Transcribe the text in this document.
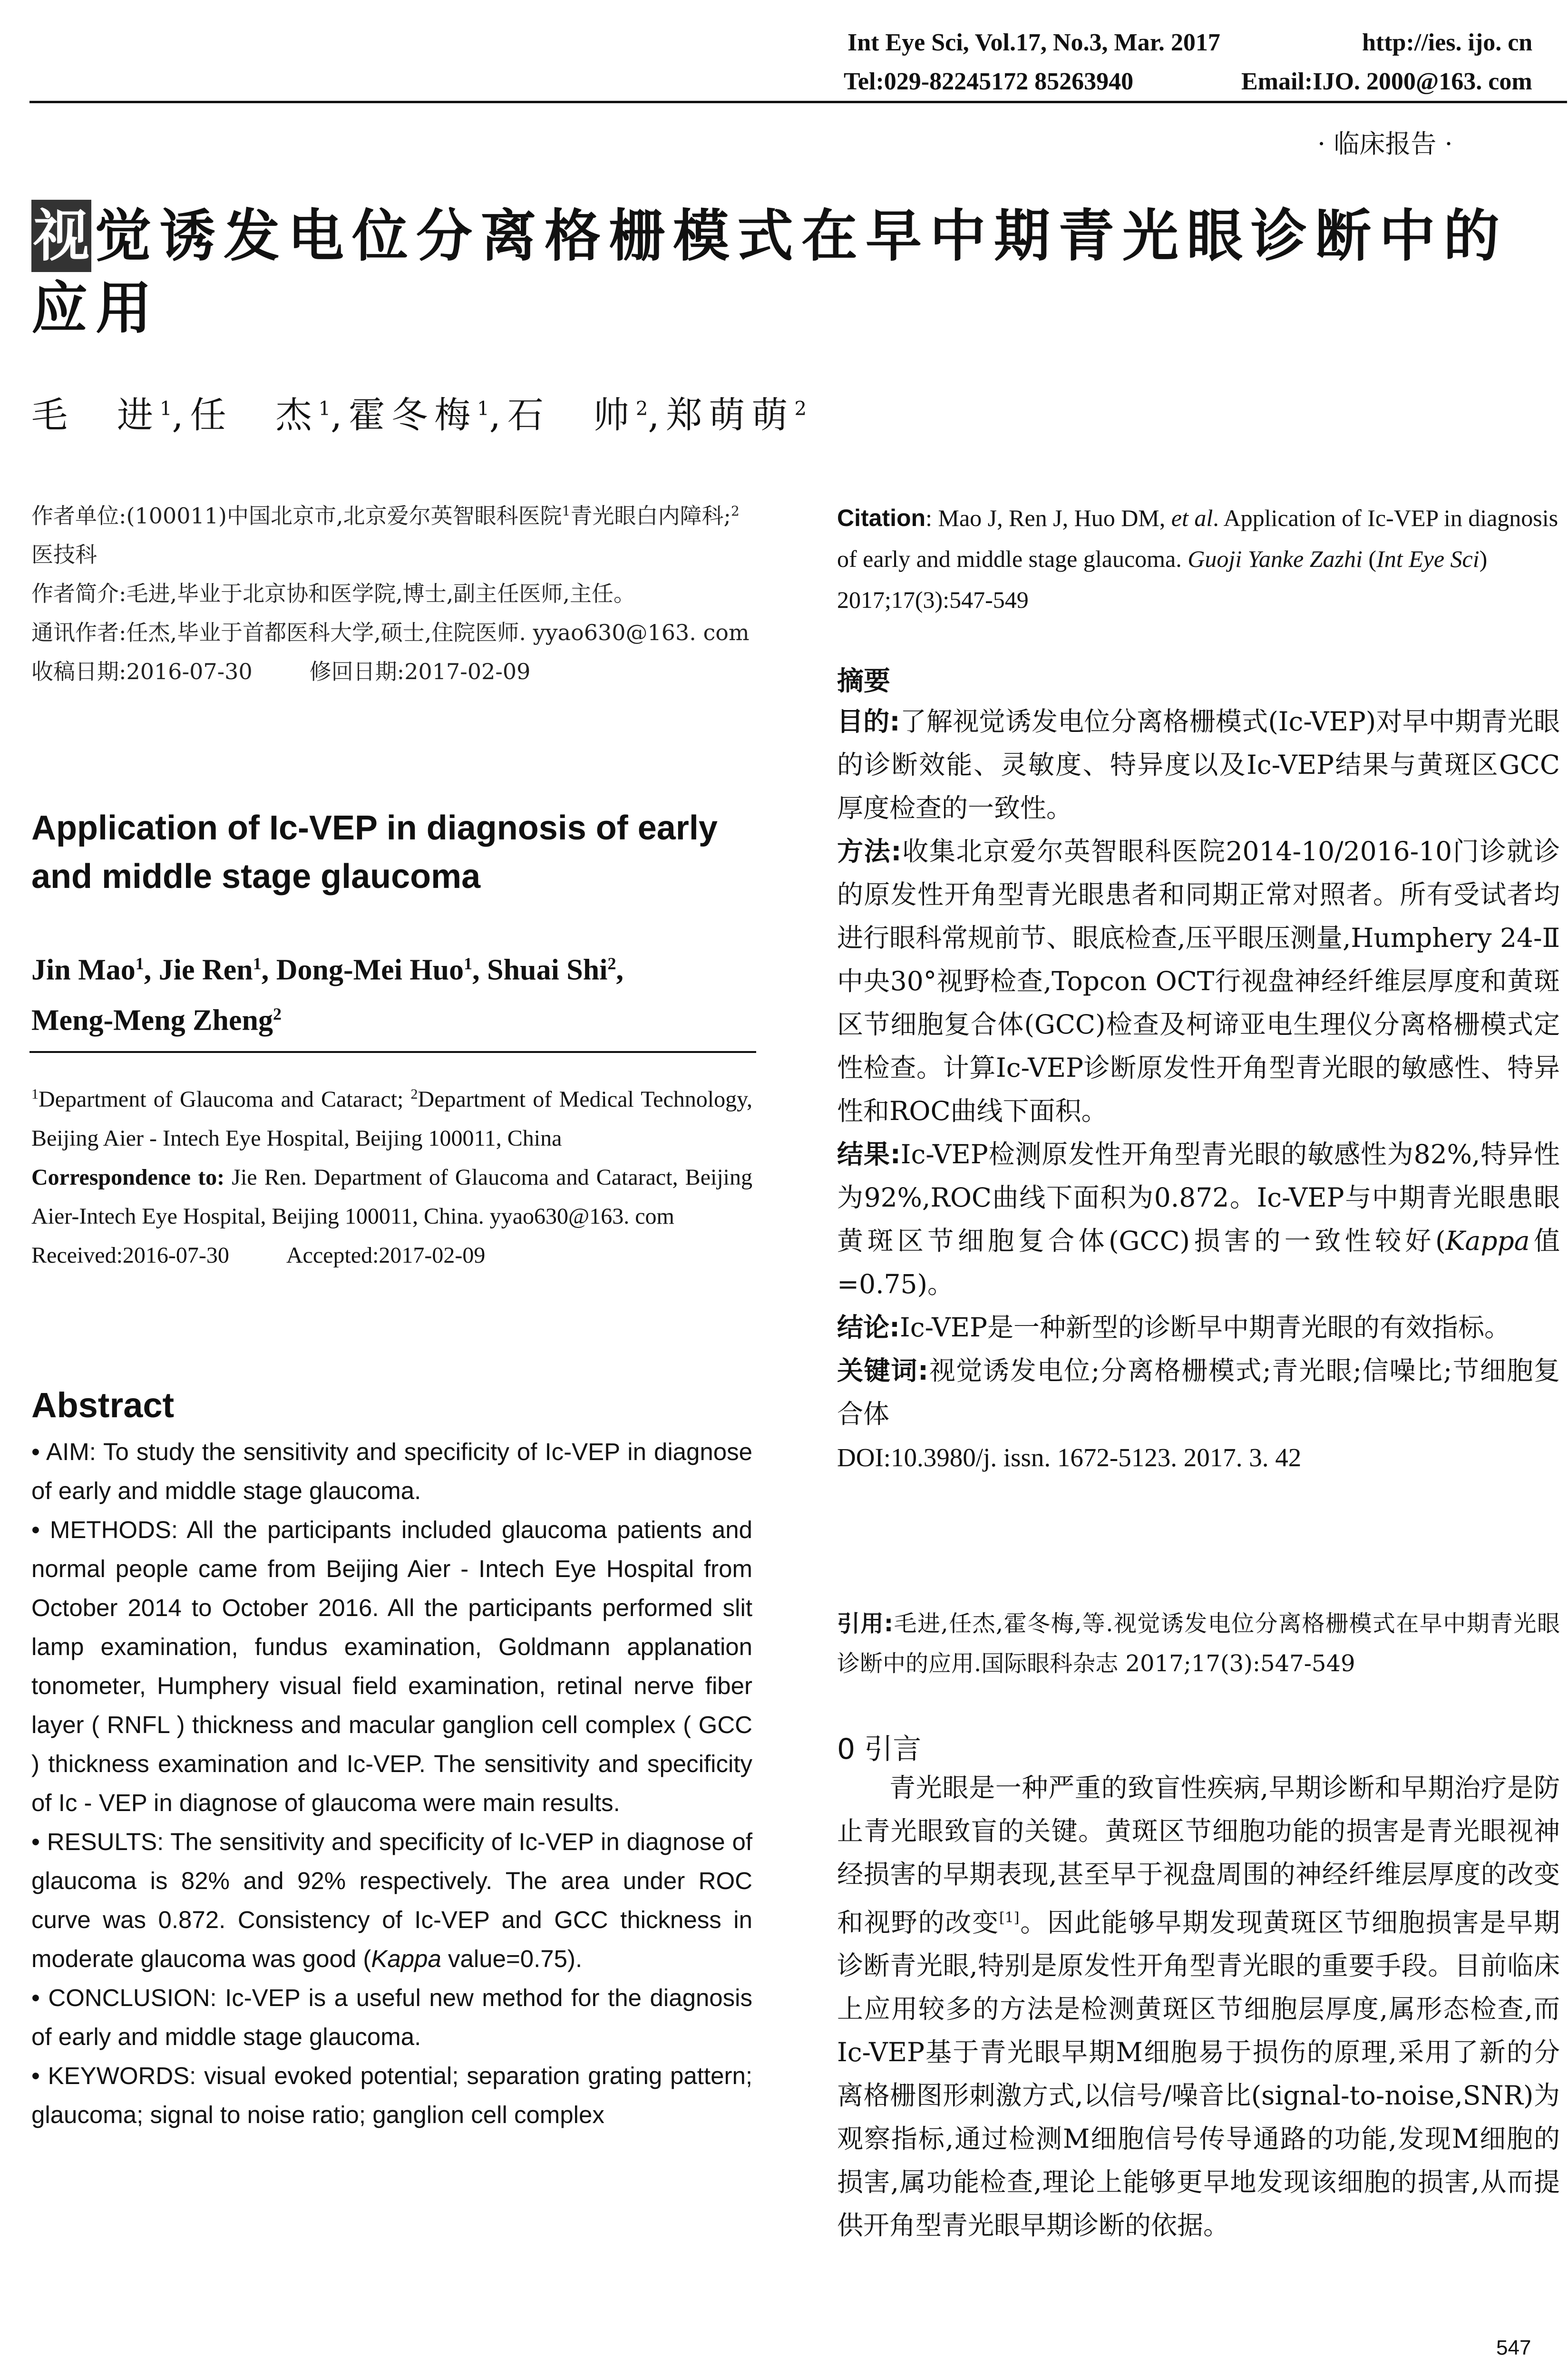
Int Eye Sci, Vol.17, No.3, Mar. 2017	http://ies. ijo. cn
Tel:029-82245172 85263940	Email:IJO. 2000@163. com
· 临床报告 ·
视 觉诱发电位分离格栅模式在早中期青光眼诊断中的应用
毛　进$^1$,任　杰$^1$,霍冬梅$^1$,石　帅$^2$,郑萌萌$^2$
作者单位:(100011)中国北京市,北京爱尔英智眼科医院$^1$青光眼白内障科;$^2$医技科
作者简介:毛进,毕业于北京协和医学院,博士,副主任医师,主任。
通讯作者:任杰,毕业于首都医科大学,硕士,住院医师. yyao630@163. com
收稿日期:2016-07-30	修回日期:2017-02-09
Application of Ic-VEP in diagnosis of early and middle stage glaucoma
Jin Mao$^1$, Jie Ren$^1$, Dong-Mei Huo$^1$, Shuai Shi$^2$,
Meng-Meng Zheng$^2$
$^1$Department of Glaucoma and Cataract; $^2$Department of Medical Technology, Beijing Aier - Intech Eye Hospital, Beijing 100011, China
Correspondence to: Jie Ren. Department of Glaucoma and Cataract, Beijing Aier-Intech Eye Hospital, Beijing 100011, China. yyao630@163. com
Received:2016-07-30	Accepted:2017-02-09
Abstract

• AIM: To study the sensitivity and specificity of Ic-VEP in diagnose of early and middle stage glaucoma.

• METHODS: All the participants included glaucoma patients and normal people came from Beijing Aier - Intech Eye Hospital from October 2014 to October 2016. All the participants performed slit lamp examination, fundus examination, Goldmann applanation tonometer, Humphery visual field examination, retinal nerve fiber layer ( RNFL ) thickness and macular ganglion cell complex ( GCC ) thickness examination and Ic-VEP. The sensitivity and specificity of Ic - VEP in diagnose of glaucoma were main results.

• RESULTS: The sensitivity and specificity of Ic-VEP in diagnose of glaucoma is 82% and 92% respectively. The area under ROC curve was 0.872. Consistency of Ic-VEP and GCC thickness in moderate glaucoma was good (Kappa value=0.75).

• CONCLUSION: Ic-VEP is a useful new method for the diagnosis of early and middle stage glaucoma.

• KEYWORDS: visual evoked potential; separation grating pattern; glaucoma; signal to noise ratio; ganglion cell complex

Citation: Mao J, Ren J, Huo DM, et al. Application of Ic-VEP in diagnosis of early and middle stage glaucoma. Guoji Yanke Zazhi (Int Eye Sci) 2017;17(3):547-549
摘要

目的:了解视觉诱发电位分离格栅模式(Ic-VEP)对早中期青光眼的诊断效能、灵敏度、特异度以及Ic-VEP结果与黄斑区GCC厚度检查的一致性。

方法:收集北京爱尔英智眼科医院2014-10/2016-10门诊就诊的原发性开角型青光眼患者和同期正常对照者。所有受试者均进行眼科常规前节、眼底检查,压平眼压测量,Humphery 24-Ⅱ中央30°视野检查,Topcon OCT行视盘神经纤维层厚度和黄斑区节细胞复合体(GCC)检查及柯谛亚电生理仪分离格栅模式定性检查。计算Ic-VEP诊断原发性开角型青光眼的敏感性、特异性和ROC曲线下面积。

结果:Ic-VEP检测原发性开角型青光眼的敏感性为82%,特异性为92%,ROC曲线下面积为0.872。Ic-VEP与中期青光眼患眼黄斑区节细胞复合体(GCC)损害的一致性较好(Kappa值=0.75)。

结论:Ic-VEP是一种新型的诊断早中期青光眼的有效指标。

关键词:视觉诱发电位;分离格栅模式;青光眼;信噪比;节细胞复合体

DOI:10.3980/j. issn. 1672-5123. 2017. 3. 42

引用:毛进,任杰,霍冬梅,等.视觉诱发电位分离格栅模式在早中期青光眼诊断中的应用.国际眼科杂志 2017;17(3):547-549
0 引言
青光眼是一种严重的致盲性疾病,早期诊断和早期治疗是防止青光眼致盲的关键。黄斑区节细胞功能的损害是青光眼视神经损害的早期表现,甚至早于视盘周围的神经纤维层厚度的改变和视野的改变[1]。因此能够早期发现黄斑区节细胞损害是早期诊断青光眼,特别是原发性开角型青光眼的重要手段。目前临床上应用较多的方法是检测黄斑区节细胞层厚度,属形态检查,而Ic-VEP基于青光眼早期M细胞易于损伤的原理,采用了新的分离格栅图形刺激方式,以信号/噪音比(signal-to-noise,SNR)为观察指标,通过检测M细胞信号传导通路的功能,发现M细胞的损害,属功能检查,理论上能够更早地发现该细胞的损害,从而提供开角型青光眼早期诊断的依据。
547
